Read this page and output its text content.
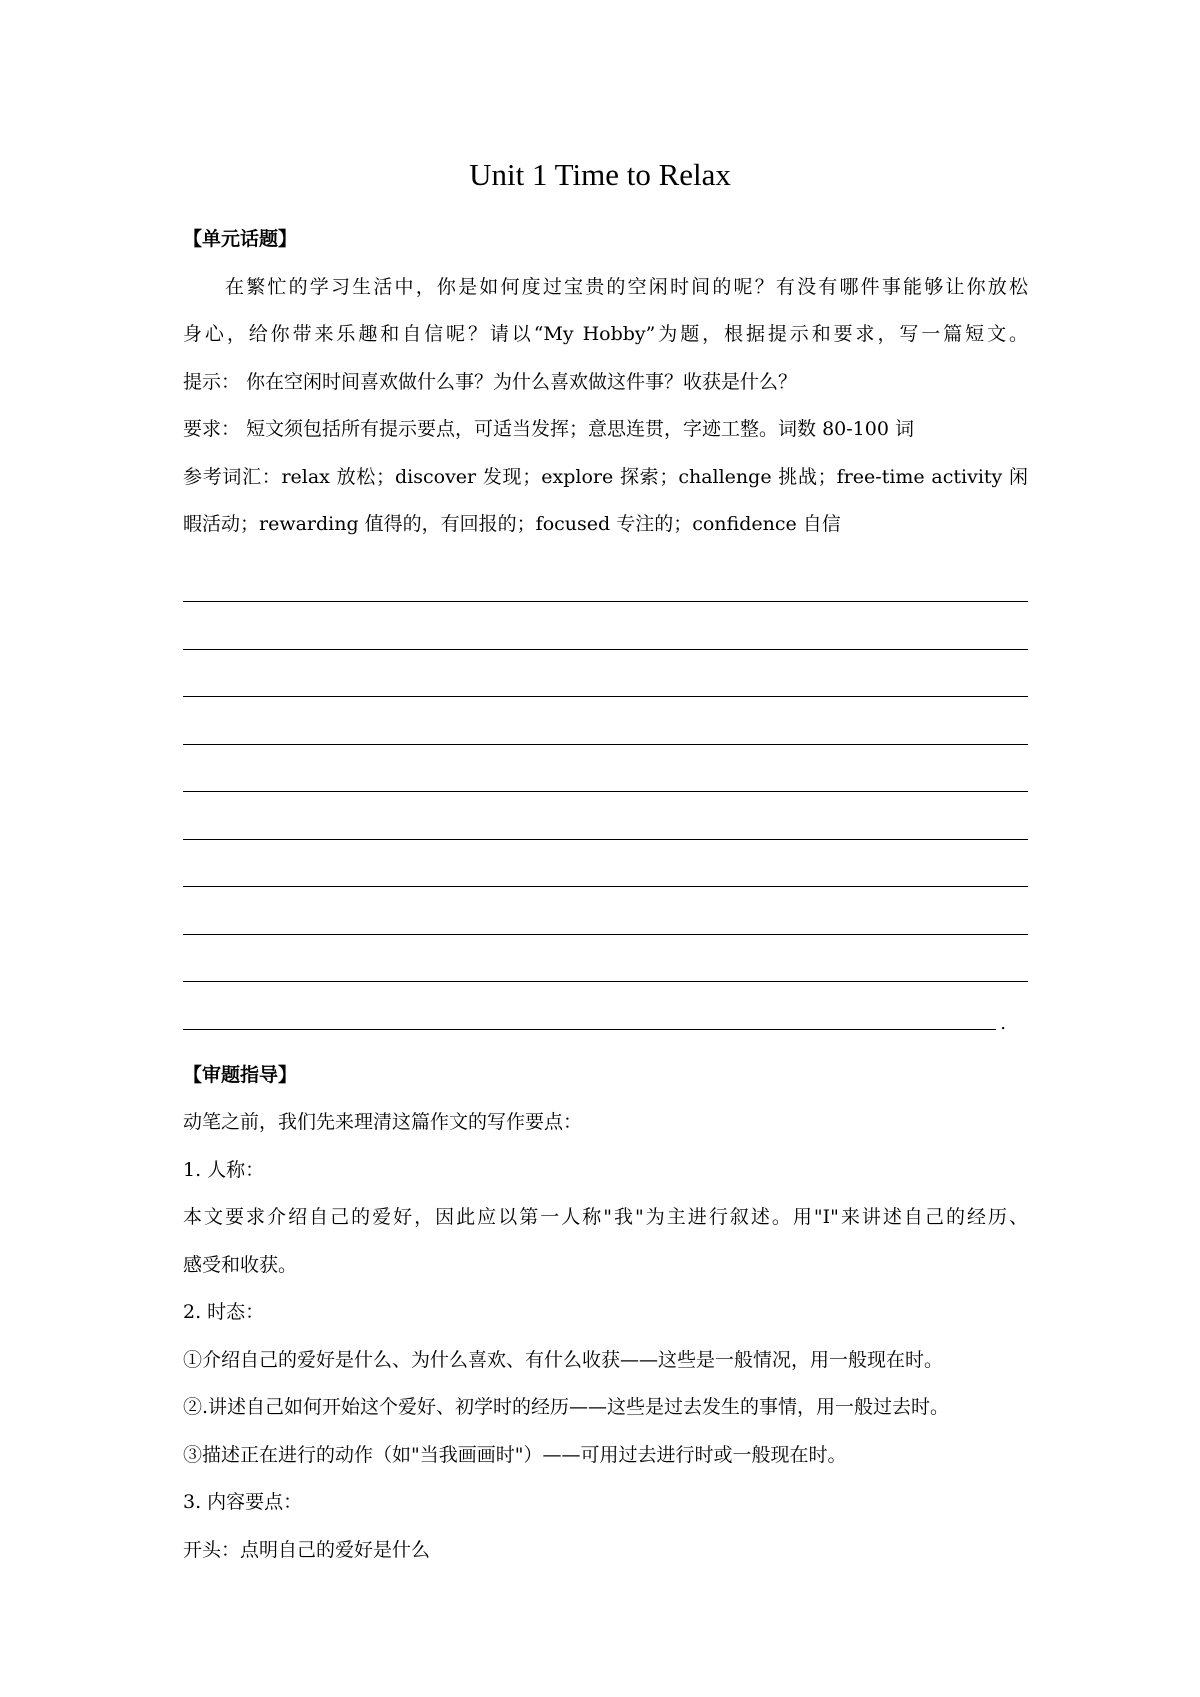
Unit 1 Time to Relax
【单元话题】
在繁忙的学习生活中，你是如何度过宝贵的空闲时间的呢？有没有哪件事能够让你放松
身心，给你带来乐趣和自信呢？请以“My Hobby”为题，根据提示和要求，写一篇短文。
提示： 你在空闲时间喜欢做什么事？为什么喜欢做这件事？收获是什么？
要求： 短文须包括所有提示要点，可适当发挥；意思连贯，字迹工整。词数 80-100 词
参考词汇：relax 放松；discover 发现；explore 探索；challenge 挑战；free-time activity 闲
暇活动；rewarding 值得的，有回报的；focused 专注的；confidence 自信
.
【审题指导】
动笔之前，我们先来理清这篇作文的写作要点：
1. 人称：
本文要求介绍自己的爱好，因此应以第一人称"我"为主进行叙述。用"I"来讲述自己的经历、
感受和收获。
2. 时态：
①介绍自己的爱好是什么、为什么喜欢、有什么收获——这些是一般情况，用一般现在时。
②.讲述自己如何开始这个爱好、初学时的经历——这些是过去发生的事情，用一般过去时。
③描述正在进行的动作（如"当我画画时"）——可用过去进行时或一般现在时。
3. 内容要点：
开头：点明自己的爱好是什么
